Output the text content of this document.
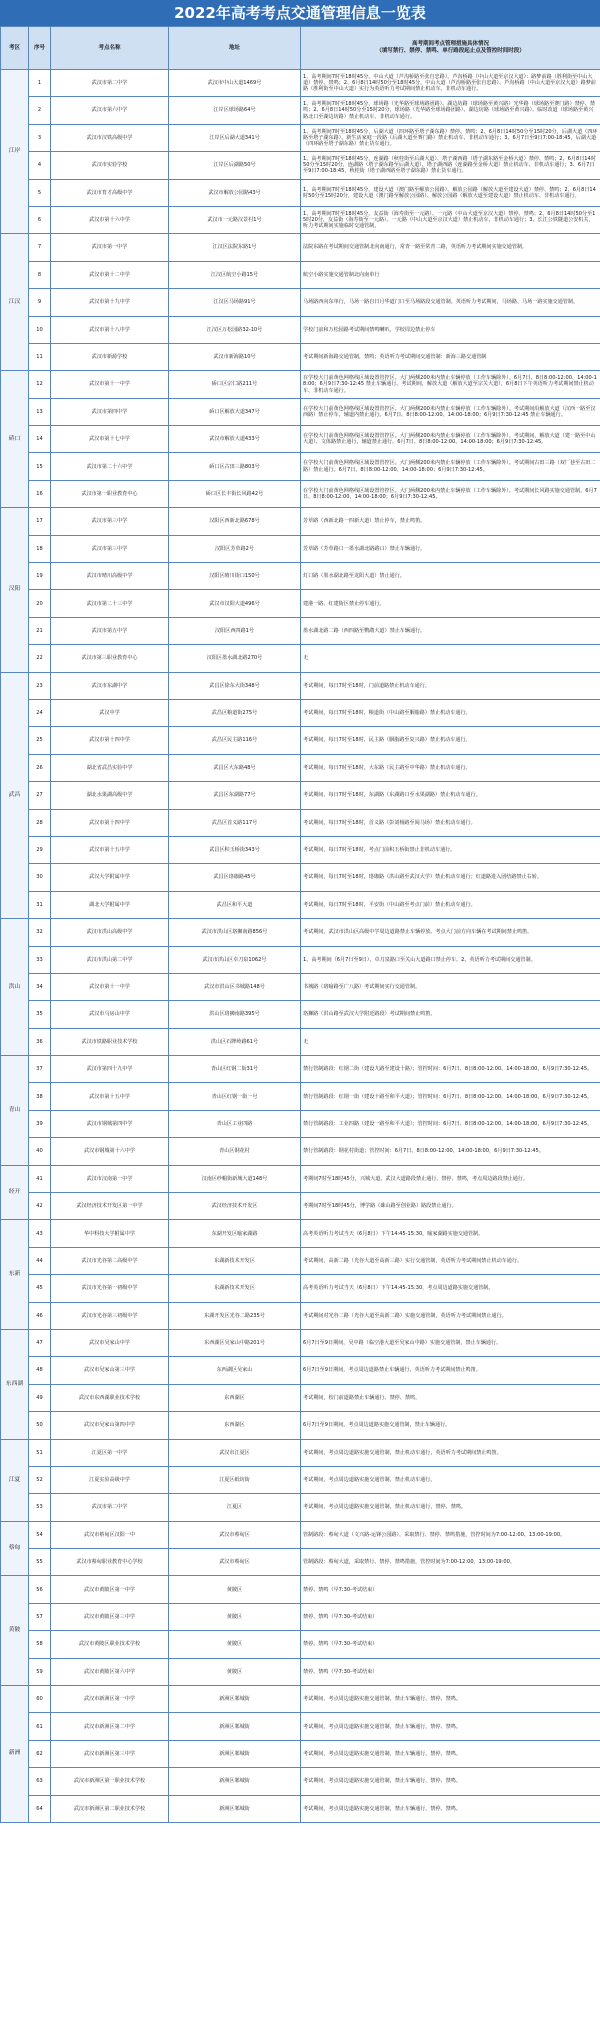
2022年高考考点交通管理信息一览表
考区	序号	考点名称	地址	高考期间考点管理措施具体情况
（填写禁行、禁停、禁鸣、单行路段起止点及管控时间时段）

江岸	1	武汉市第二中学	武汉市中山大道1469号	1、高考期间7时至18时45分，中山大道（芦沟桥路至张自忠路）、芦沟桥路（中山大道至京汉大道）：路梦前路（胜利街至中山大道）禁停、禁鸣；2、6月8日14时50分至18时45分，中山大道（芦沟桥路至张自忠路）、芦沟桥路（中山大道至京汉大道）路梦前路（胜利街至中山大道）实行为英语听力考试期间禁止机动车、非机动车通行。
	2	武汉市第六中学	江岸区球场路64号	1、高考期间7时至18时45分，球场路（光华路至球场路团路）、湖边坊路（球场路至黄兴路）光华路（球场路至赛门路）禁停、禁鸣；2、6月8日14时50分至15时20分，球场路（光华路至球场路团路）、湖边坊路（球场路至黄兴路）、临时改道（球场路至黄兴路北口至湖边坊路）禁止机动车、非机动车通行。
	3	武汉市汉铁高级中学	江岸区后湖大道341号	1、高考期间7时至18时45分，后湖大道（四环路至塔子湖东路）禁停、禁鸣；2、6月8日14时50分至15时20分，后湖大道（四环路至塔子湖东路）、新生活家庭一段路（后湖大道至赛门路）禁止机动车、非机动车通行；3、6月7日至9日7:00-18:45，后湖大道（四环路至塔子湖东路）禁止货车通行。
	4	武汉市实验学校	江岸区后湖路50号	1、高考期间7时至18时45分，连湖路（秋桂街至后湖大道）、塔子湖西路（塔子湖东路至金桥大道）禁停、禁鸣；2、6月8日14时50分至15时20分，连湖路（塔子湖东路至后湖大道）、塔子湖西路（连湖路至金桥大道）禁止机动车、非机动车通行；3、6月7日至9日7:00-18:45，秋桂街（塔子湖西路至塔子湖东路）禁止货车通行。
	5	武汉市育才高级中学	武汉市解放公园路43号	1、高考期间7时至18时45分，建设大道（澳门路至解放公园路）、解放公园路（解放大道至建设大道）禁停、禁鸣；2、6月8日14时50分至15时20分，建设大道（澳门路至解放公园路）、解放公园路（解放大道至建设大道）禁止机动车、非机动车通行。
	6	武汉市第十六中学	武汉市一元路汉景村1号	1、高考期间7时至18时45分，友益街（海寿街至一元路）、一元路（中山大道至京汉大道）禁停、禁鸣；2、6月8日14时50分至15时20分，友益街（海寿街至一元路）、一元路（中山大道至京汉大道）禁止机动车、非机动车通行；3、长江公铁隧道公安机关，听力考试期间实施临时交通管制。
江汉	7	武汉市第一中学	江汉区法院东路1号	法院东路在考试期间交通管制北向南通行，常青一路至常青二路，英语听力考试期间实施交通管制。
	8	武汉市第十二中学	江汉区航空小路15号	航空小路实施交通管制北向南单行
	9	武汉市第十九中学	江汉区马场路91号	马场路西向东单行，马场一路自日月华道门口至马场路段交通管制。英语听力考试期间，马场路、马场一路实施交通管制。
	10	武汉市第十八中学	江汉区万松园路32-10号	学校门前和万松园路考试期间禁鸣喇叭，学校周边禁止停车
	11	武汉市新源学校	武汉市新海路10号	考试期间新海路交通管制，禁鸣；英语听力考试期间交通管制：新海三路交通管制
硚口	12	武汉市第十一中学	硚口区宗仁路211号	在学校大门前黄色网格线区域设置管控区。大门两侧200米内禁止车辆停放（工作车辆除外）。6月7日、8日8:00-12:00、14:00-18:00；6月9日7:30-12:45 禁止车辆通行。考试期间，解放大道（解放大道至宗关大道），6月8日下午英语听力考试期间禁止机动车、非机动车通行。
	13	武汉市第四中学	硚口区解放大道347号	在学校大门前黄色网格线区域设置管控区。大门两侧200米内禁止车辆停放（工作车辆除外）。考试期间沿解放大道（汉西一路至汉西路）禁止停车，辅道内禁止通行。6月7日、8日8:00-12:00、14:00-18:00；6月9日7:30-12:45 禁止车辆通行。
	14	武汉市第十七中学	武汉市解放大道433号	在学校大门前黄色网格线区域设置管控区。大门两侧200米内禁止车辆停放（工作车辆除外）。考试期间，解放大道（建一路至中山大道）、文体路禁止通行，辅道禁止通行。6月7日、8日8:00-12:00、14:00-18:00；6月9日7:30-12:45。
	15	武汉市第二十六中学	硚口区古田三路803号	在学校大门前黄色网格线区域设置管控区。大门两侧200米内禁止车辆停放（工作车辆除外）。考试期间古田三路（双厂巷至古田二路）禁止通行。6月7日、8日8:00-12:00、14:00-18:00；6月9日7:30-12:45。
	16	武汉市第一职业教育中心	硚口区长丰街长风路42号	在学校大门前黄色网格线区域设置管控区。大门两侧200米内禁止车辆停放（工作车辆除外）。考试期间长风路实施交通管制。6月7日、8日8:00-12:00、14:00-18:00；6月9日7:30-12:45。
汉阳	17	武汉市第三中学	汉阳区西新北路678号	芳草路（西新北路一四新大道）禁止停车，禁止鸣笛。
	18	武汉市第三中学	汉阳区芳草路2号	芳草路（芳草路口一墨水湖北路路口）禁止车辆通行。
	19	武汉市晴川高级中学	汉阳区晴川街口150号	灯口路（墨水湖北路至龙阳大道）禁止通行。
	20	武汉市第二十三中学	武汉市汉阳大道496号	建港一路、红建街区禁止停车通行。
	21	武汉市第五中学	汉阳区西四路1号	墨水湖北路二路（西四路至鹦鹉大道）禁止车辆通行。
	22	武汉市第三职业教育中心	汉阳区墨水湖北路270号	无
武昌	23	武汉市东湖中学	武昌区徐东大街348号	考试期间，每日7时至18时，门前道路禁止机动车通行。
	24	武汉中学	武昌区粮道街275号	考试期间，每日7时至18时，粮道街（中山路至胭脂路）禁止机动车通行。
	25	武汉市第十四中学	武昌区民主路116号	考试期间，每日7时至18时，民主路（胭脂路至复兴路）禁止机动车通行。
	26	湖北省武昌实验中学	武昌区大东路48号	考试期间，每日7时至18时，大东路（民主路至中华路）禁止机动车通行。
	27	湖北水果湖高级中学	武昌区东湖路77号	考试期间，每日7时至18时，东湖路（东湖路口至水果湖路）禁止机动车通行。
	28	武汉市第十四中学	武昌区首义路117号	考试期间，每日7时至18时，首义路（彭刘杨路至阅马场）禁止机动车通行。
	29	武汉市第十五中学	武昌区积玉桥街343号	考试期间，每日7时至18时，考点门前积玉桥街禁止非机动车通行。
	30	武汉大学附属中学	武昌区珞珈路45号	考试期间，每日7时至18时，珞珈路（洪山路至武汉大学）禁止机动车通行；红道路进入团结路禁止右转。
	31	湖北大学附属中学	武昌区和平大道	考试期间，每日7时至18时，平安街（中山路至考点门前）禁止机动车通行。
洪山	32	武汉市洪山高级中学	武汉市洪山区珞狮南路856号	考试期间，武汉市洪山区高级中学周边道路禁止车辆停放。考点大门前方向车辆在考试期间禁止鸣笛。
	33	武汉市洪山第二中学	武汉市洪山区卓刀泉1062号	1、高考期间（6月7日至9日），卓刀泉路口至关山大道路口禁止停车。2、英语听力考试期间交通管制。
	34	武汉市第十一中学	武汉市洪山区书城路148号	书城路（珞喻路至广八路）考试期间实行交通管制。
	35	武汉市马房山中学	洪山区珞狮南路395号	珞狮路（洪山路至武汉大学附近路段）考试期间禁止鸣笛。
	36	武汉市铁路职业技术学校	洪山区石牌岭路61号	无
青山	37	武汉市第四十九中学	青山区红钢二街31号	禁行管制路段：红钢二街（建设九路至建设十路）；管控时间：6月7日、8日8:00-12:00、14:00-18:00，6月9日7:30-12:45。
	38	武汉市第十五中学	青山区红钢一街一号	禁行管制路段：红钢一街（建设十路至和平大道）；管控时间：6月7日、8日8:00-12:00、14:00-18:00，6月9日7:30-12:45。
	39	武汉市钢城第四中学	青山区工业四路	禁行管制路段：工业四路（建设一路至和平大道）；管控时间：6月7日、8日8:00-12:00、14:00-18:00，6月9日7:30-12:45。
	40	武汉市钢城第十六中学	青山区钢花村	禁行管制路段：钢花村街道；管控时间：6月7日、8日8:00-12:00、14:00-18:00，6月9日7:30-12:45。
经开	41	武汉市汉南第一中学	汉南区纱帽街新城大道148号	考期间7时至18时45分，兴城大道、武汉大道路段禁止通行、禁停、禁鸣，考点周边路段禁止通行。
	42	武汉经济技术开发区第一中学	武汉经济技术开发区	考期间7时至18时45分，博学路（硃山路至创业路）路段禁止通行。
东新	43	华中科技大学附属中学	东湖开发区喻家湖路	高考英语听力考试当天（6月8日）下午14:45-15:30，喻家湖路实施交通管制。
	44	武汉市光谷第二高级中学	东湖新技术开发区	考试期间，高新二路（光谷大道至高新三路）实行交通管制，英语听力考试期间禁止机动车通行。
	45	武汉市光谷第一初级中学	东湖新技术开发区	高考英语听力考试当天（6月8日）下午14:45-15:30，考点周边道路实施交通管制。
	46	武汉市光谷第三初级中学	东湖开发区光谷二路235号	考试期间对光谷二路（光谷大道至高新二路）实施交通管制，英语听力考试期间禁止通行。
东西湖	47	武汉市吴家山中学	东西湖区吴家山中路201号	6月7日至9日期间，吴中路（临空港大道至吴家山中路）实施交通管制，禁止车辆通行。
	48	武汉市吴家山第三中学	东西湖区吴家山	6月7日至9日期间，考点周边道路禁止车辆通行，英语听力考试期间禁止鸣笛。
	49	武汉市东西湖职业技术学校	东西湖区	考试期间，校门前道路禁止车辆通行、禁停、禁鸣。
	50	武汉市吴家山第四中学	东西湖区	6月7日至9日期间，考点周边道路实施交通管制，禁止车辆通行。
江夏	51	江夏区第一中学	武汉市江夏区	考试期间，考点周边道路实施交通管制，禁止机动车通行，英语听力考试期间禁止鸣笛。
	52	江夏实验高级中学	江夏区纸坊街	考试期间，考点周边道路实施交通管制，禁止机动车通行。
	53	武汉市第二中学	江夏区	考试期间，考点周边道路实施交通管制，禁止机动车通行，禁停、禁鸣。
蔡甸	54	武汉市蔡甸区汉阳一中	武汉市蔡甸区	管制路段：蔡甸大道（文兴路-运锋公园路），采取禁行、禁停、禁鸣措施，管控时间为7:00-12:00、13:00-19:00。
	55	武汉市蔡甸职业教育中心学校	武汉市蔡甸区	管制路段：蔡甸大道，采取禁行、禁停、禁鸣措施，管控时间为7:00-12:00、13:00-19:00。
黄陂	56	武汉市黄陂区第一中学	黄陂区	禁停、禁鸣（早7:30-考试结束）
	57	武汉市黄陂区第三中学	黄陂区	禁停、禁鸣（早7:30-考试结束）
	58	武汉市黄陂区职业技术学校	黄陂区	禁停、禁鸣（早7:30-考试结束）
	59	武汉市黄陂区第六中学	黄陂区	禁停、禁鸣（早7:30-考试结束）
新洲	60	武汉市新洲区第一中学	新洲区邾城街	考试期间，考点周边道路实施交通管制，禁止车辆通行，禁停、禁鸣。
	61	武汉市新洲区第二中学	新洲区邾城街	考试期间，考点周边道路实施交通管制，禁止车辆通行，禁停、禁鸣。
	62	武汉市新洲区第三中学	新洲区邾城街	考试期间，考点周边道路实施交通管制，禁止车辆通行，禁停、禁鸣。
	63	武汉市新洲区第一职业技术学校	新洲区邾城街	考试期间，考点周边道路实施交通管制，禁止车辆通行，禁停、禁鸣。
	64	武汉市新洲区第二职业技术学校	新洲区邾城街	考试期间，考点周边道路实施交通管制，禁止车辆通行，禁停、禁鸣。
